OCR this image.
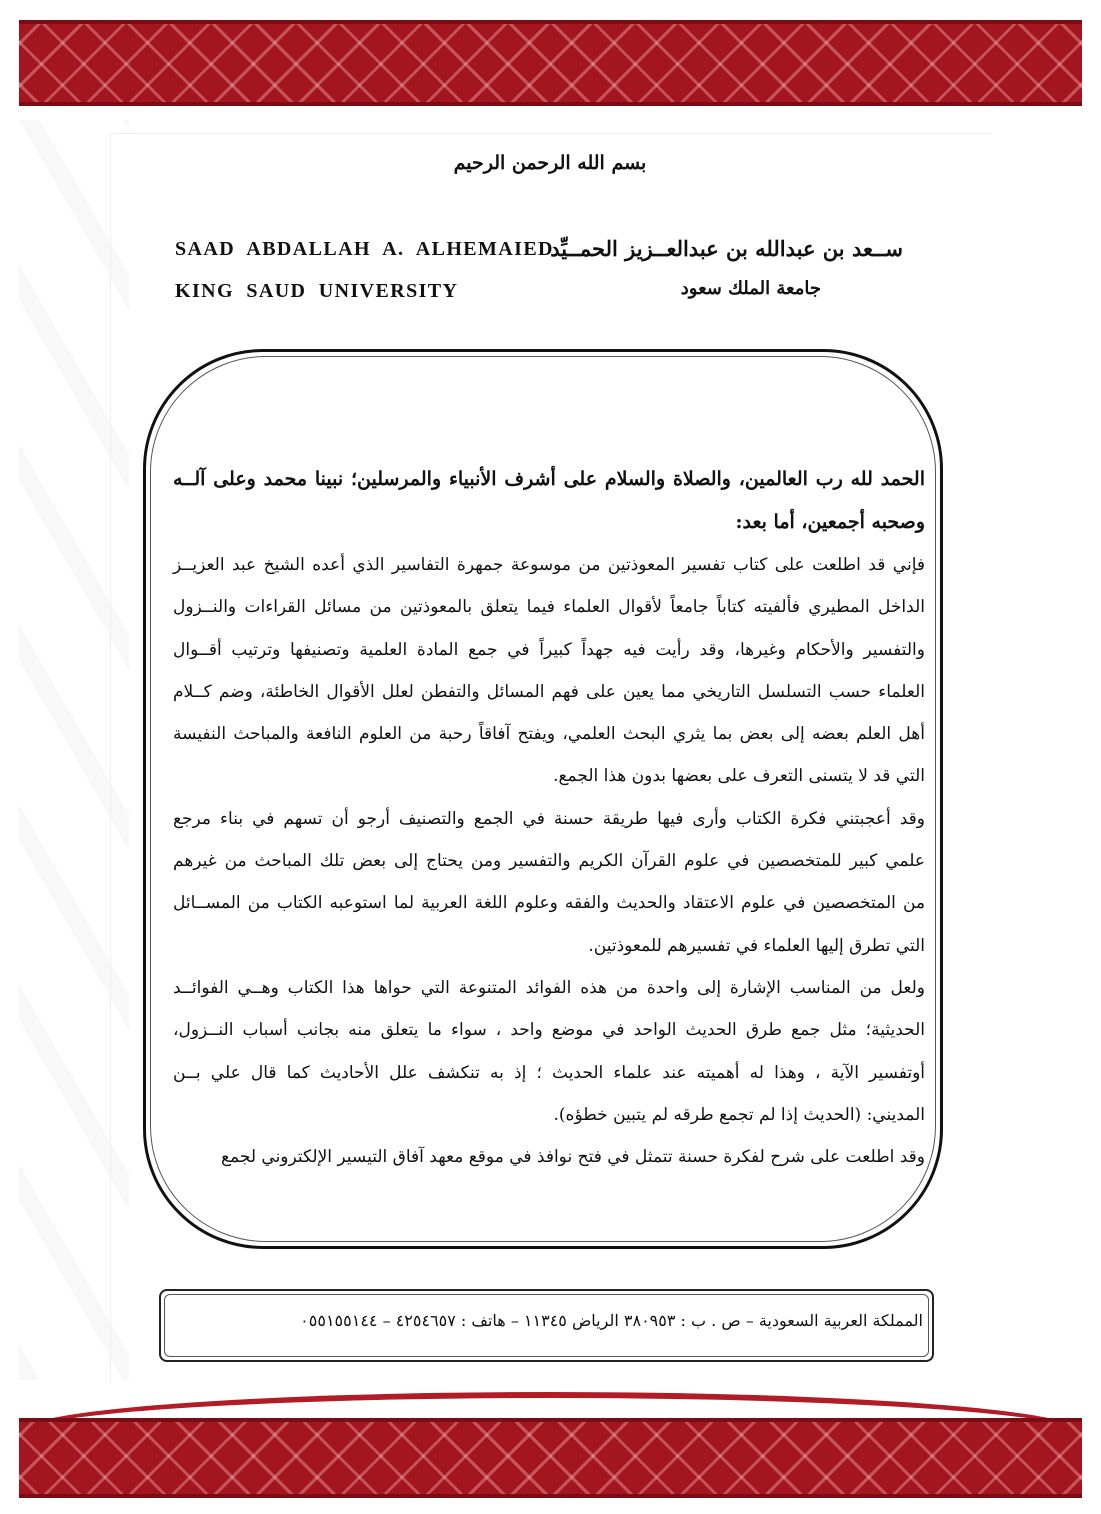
بسم الله الرحمن الرحيم
SAAD ABDALLAH A. ALHEMAIED
KING SAUD UNIVERSITY
ســعد بن عبدالله بن عبدالعــزيز الحمــيِّد
جامعة الملك سعود
الحمد لله رب العالمين، والصلاة والسلام على أشرف الأنبياء والمرسلين؛ نبينا محمد وعلى آلــه
وصحبه أجمعين، أما بعد:
فإني قد اطلعت على كتاب تفسير المعوذتين من موسوعة جمهرة التفاسير الذي أعده الشيخ عبد العزيــز
الداخل المطيري فألفيته كتاباً جامعاً لأقوال العلماء فيما يتعلق بالمعوذتين من مسائل القراءات والنــزول
والتفسير والأحكام وغيرها، وقد رأيت فيه جهداً كبيراً في جمع المادة العلمية وتصنيفها وترتيب أقــوال
العلماء حسب التسلسل التاريخي مما يعين على فهم المسائل والتفطن لعلل الأقوال الخاطئة، وضم كــلام
أهل العلم بعضه إلى بعض بما يثري البحث العلمي، ويفتح آفاقاً رحبة من العلوم النافعة والمباحث النفيسة
التي قد لا يتسنى التعرف على بعضها بدون هذا الجمع.
وقد أعجبتني فكرة الكتاب وأرى فيها طريقة حسنة في الجمع والتصنيف أرجو أن تسهم في بناء مرجع
علمي كبير للمتخصصين في علوم القرآن الكريم والتفسير ومن يحتاج إلى بعض تلك المباحث من غيرهم
من المتخصصين في علوم الاعتقاد والحديث والفقه وعلوم اللغة العربية لما استوعبه الكتاب من المســائل
التي تطرق إليها العلماء في تفسيرهم للمعوذتين.
ولعل من المناسب الإشارة إلى واحدة من هذه الفوائد المتنوعة التي حواها هذا الكتاب وهــي الفوائــد
الحديثية؛ مثل جمع طرق الحديث الواحد في موضع واحد ، سواء ما يتعلق منه بجانب أسباب النــزول،
أوتفسير الآية ، وهذا له أهميته عند علماء الحديث ؛ إذ به تنكشف علل الأحاديث كما قال علي بــن
المديني: (الحديث إذا لم تجمع طرقه لم يتبين خطؤه).
وقد اطلعت على شرح لفكرة حسنة تتمثل في فتح نوافذ في موقع معهد آفاق التيسير الإلكتروني لجمع
المملكة العربية السعودية – ص . ب : ٣٨٠٩٥٣ الرياض ١١٣٤٥ – هاتف : ٤٢٥٤٦٥٧ – ٠٥٥١٥٥١٤٤
